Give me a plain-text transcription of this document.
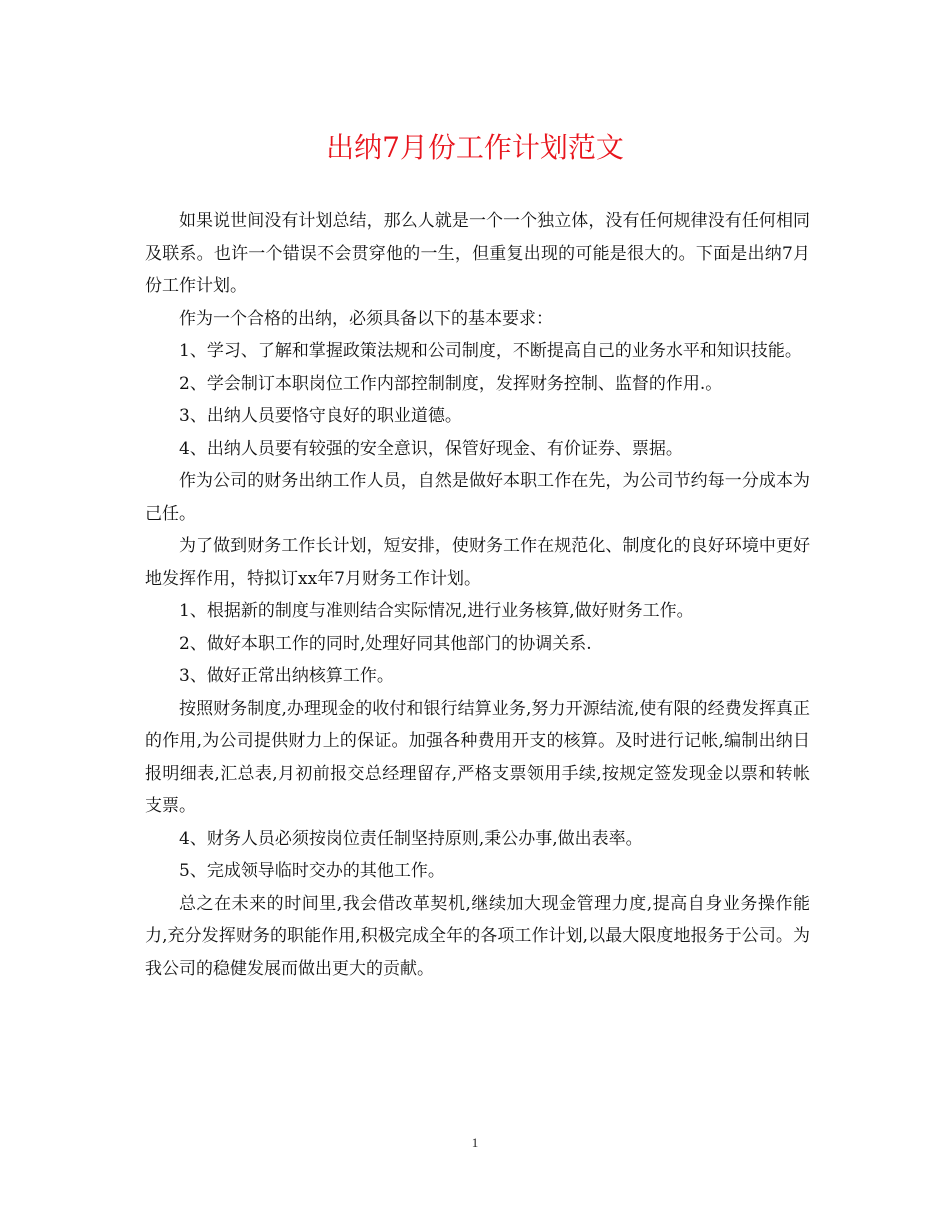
出纳7月份工作计划范文

如果说世间没有计划总结，那么人就是一个一个独立体，没有任何规律没有任何相同及联系。也许一个错误不会贯穿他的一生，但重复出现的可能是很大的。下面是出纳7月份工作计划。

作为一个合格的出纳，必须具备以下的基本要求：

1、学习、了解和掌握政策法规和公司制度，不断提高自己的业务水平和知识技能。

2、学会制订本职岗位工作内部控制制度，发挥财务控制、监督的作用.。

3、出纳人员要恪守良好的职业道德。

4、出纳人员要有较强的安全意识，保管好现金、有价证券、票据。

作为公司的财务出纳工作人员，自然是做好本职工作在先，为公司节约每一分成本为己任。

为了做到财务工作长计划，短安排，使财务工作在规范化、制度化的良好环境中更好地发挥作用，特拟订xx年7月财务工作计划。

1、根据新的制度与准则结合实际情况,进行业务核算,做好财务工作。

2、做好本职工作的同时,处理好同其他部门的协调关系.

3、做好正常出纳核算工作。

按照财务制度,办理现金的收付和银行结算业务,努力开源结流,使有限的经费发挥真正的作用,为公司提供财力上的保证。加强各种费用开支的核算。及时进行记帐,编制出纳日报明细表,汇总表,月初前报交总经理留存,严格支票领用手续,按规定签发现金以票和转帐支票。

4、财务人员必须按岗位责任制坚持原则,秉公办事,做出表率。

5、完成领导临时交办的其他工作。

总之在未来的时间里,我会借改革契机,继续加大现金管理力度,提高自身业务操作能力,充分发挥财务的职能作用,积极完成全年的各项工作计划,以最大限度地报务于公司。为我公司的稳健发展而做出更大的贡献。

1
